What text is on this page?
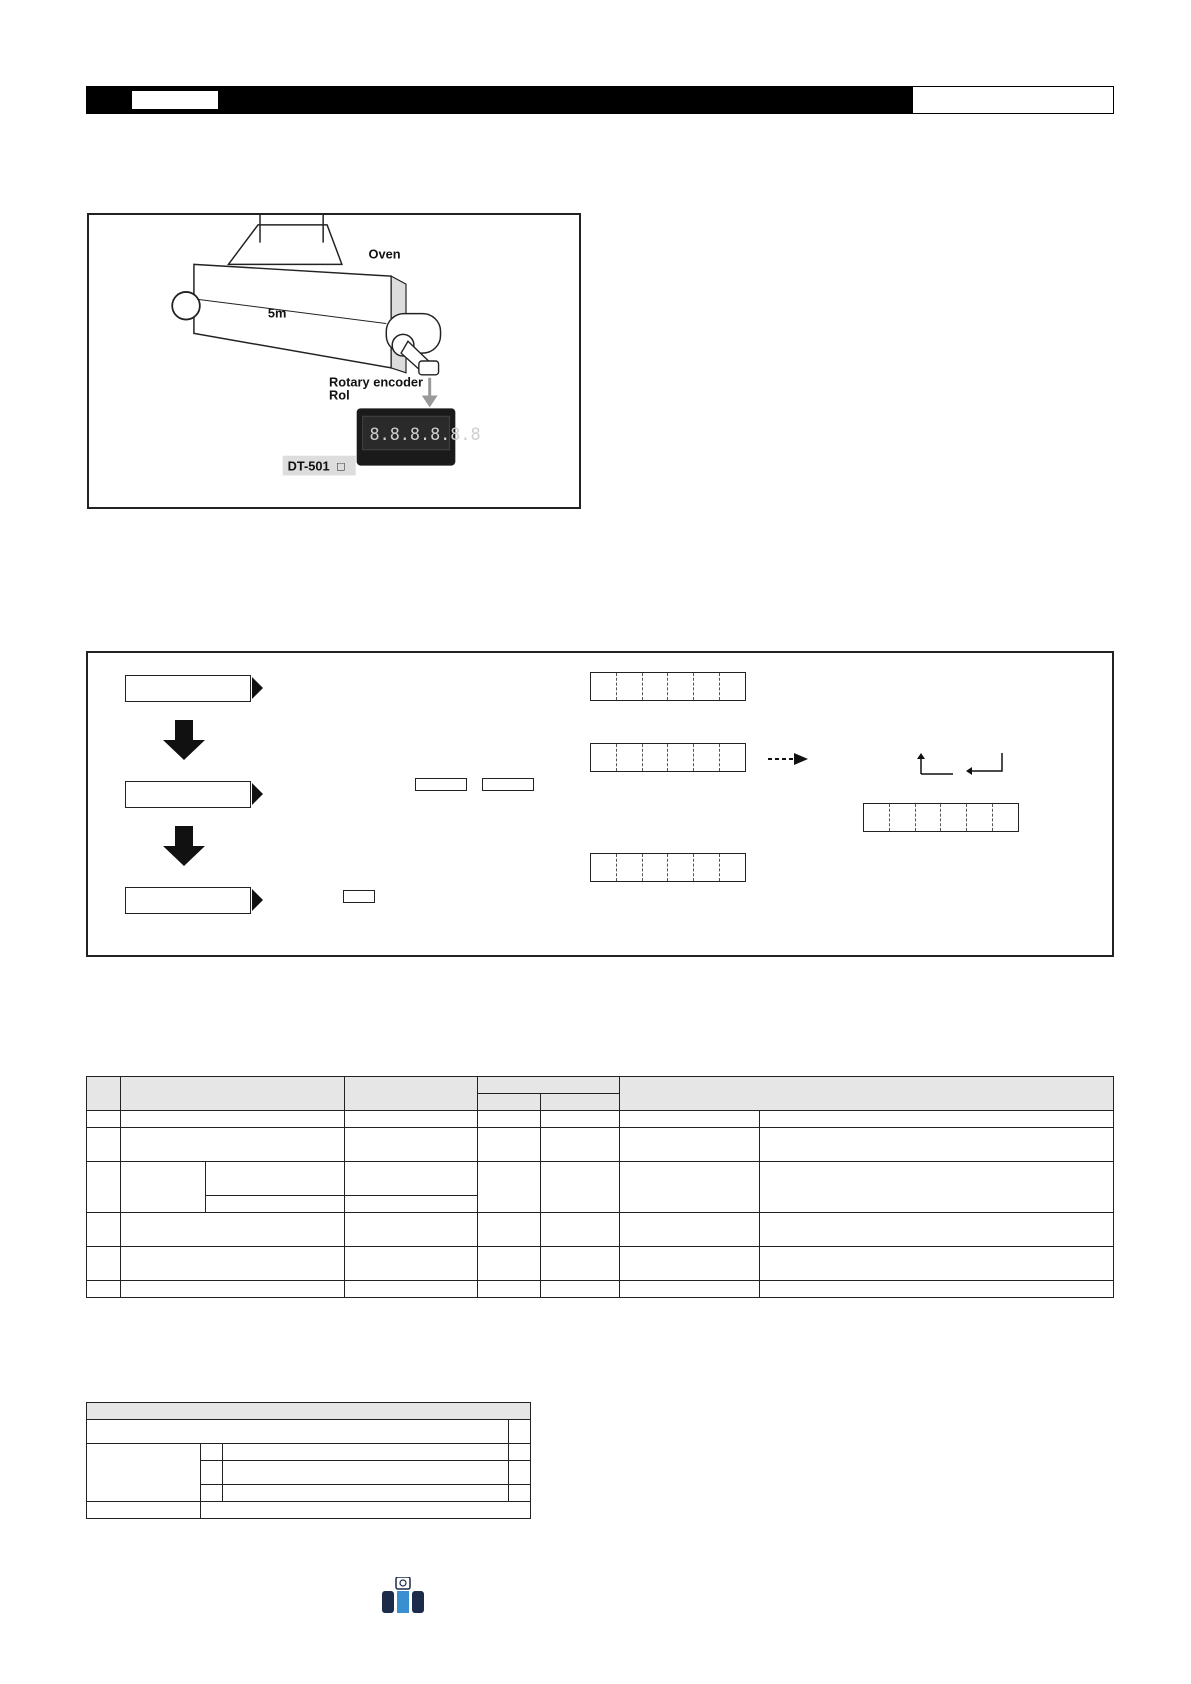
8.8.8.8.8.8
Oven
5m
Rotary encoder
Rol
DT-501 □
